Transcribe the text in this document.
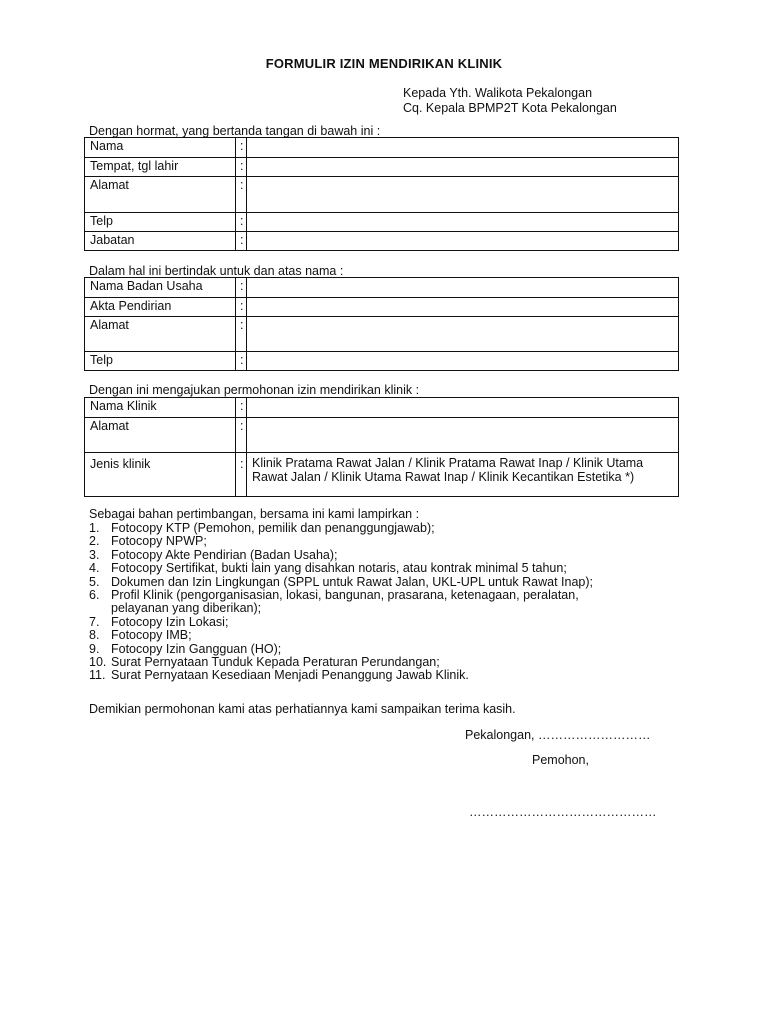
FORMULIR IZIN MENDIRIKAN KLINIK
Kepada Yth. Walikota Pekalongan
Cq. Kepala BPMP2T Kota Pekalongan
Dengan hormat, yang bertanda tangan di bawah ini :
Nama	:	
Tempat, tgl lahir	:	
Alamat	:	
Telp	:	
Jabatan	:	
Dalam hal ini bertindak untuk dan atas nama :
Nama Badan Usaha	:	
Akta Pendirian	:	
Alamat	:	
Telp	:	
Dengan ini mengajukan permohonan izin mendirikan klinik :
Nama Klinik	:	
Alamat	:	
Jenis klinik	:	Klinik Pratama Rawat Jalan / Klinik Pratama Rawat Inap / Klinik Utama Rawat Jalan / Klinik Utama Rawat Inap / Klinik Kecantikan Estetika *)
Sebagai bahan pertimbangan, bersama ini kami lampirkan :
1. Fotocopy KTP (Pemohon, pemilik dan penanggungjawab);
2. Fotocopy NPWP;
3. Fotocopy Akte Pendirian (Badan Usaha);
4. Fotocopy Sertifikat, bukti lain yang disahkan notaris, atau kontrak minimal 5 tahun;
5. Dokumen dan Izin Lingkungan (SPPL untuk Rawat Jalan, UKL-UPL untuk Rawat Inap);
6. Profil Klinik (pengorganisasian, lokasi, bangunan, prasarana, ketenagaan, peralatan, pelayanan yang diberikan);
7. Fotocopy Izin Lokasi;
8. Fotocopy IMB;
9. Fotocopy Izin Gangguan (HO);
10. Surat Pernyataan Tunduk Kepada Peraturan Perundangan;
11. Surat Pernyataan Kesediaan Menjadi Penanggung Jawab Klinik.
Demikian permohonan kami atas perhatiannya kami sampaikan terima kasih.
Pekalongan, ………………………
Pemohon,
………………………………………
